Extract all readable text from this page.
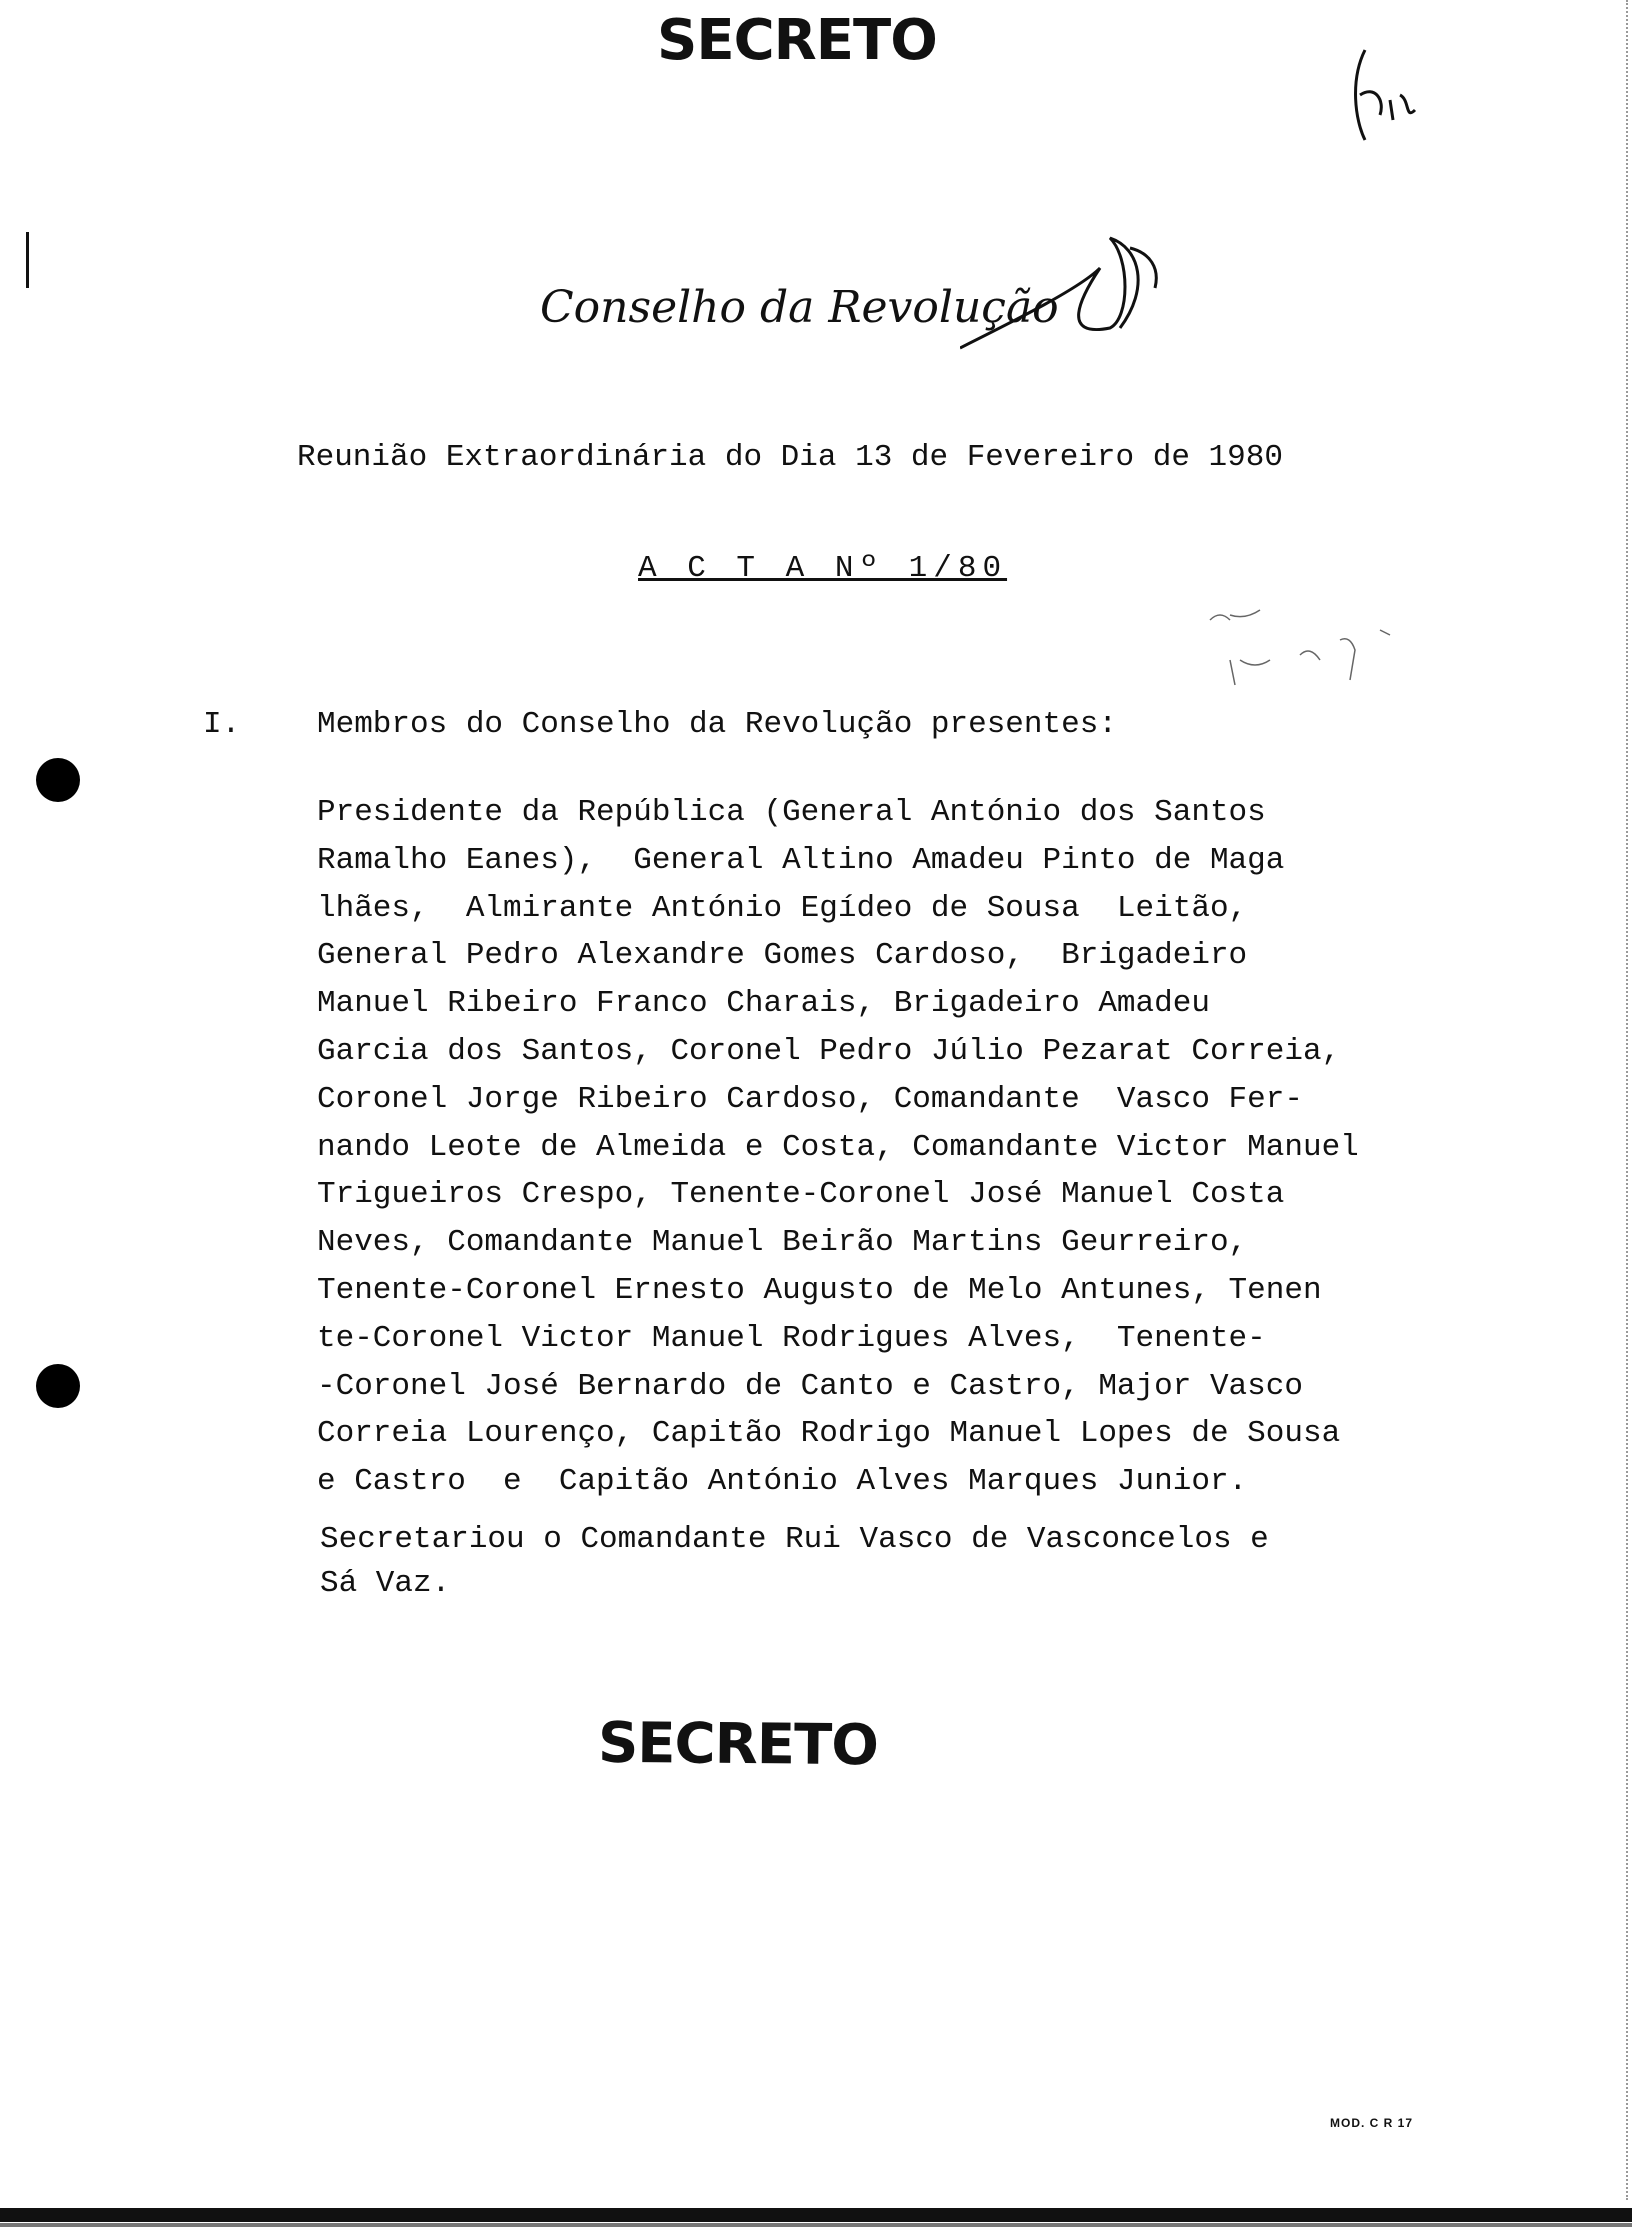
SECRETO
Conselho da Revolução
Reunião Extraordinária do Dia 13 de Fevereiro de 1980
A C T A Nº 1/80
I. Membros do Conselho da Revolução presentes:
Presidente da República (General António dos Santos
Ramalho Eanes),  General Altino Amadeu Pinto de Maga
lhães,  Almirante António Egídeo de Sousa  Leitão,
General Pedro Alexandre Gomes Cardoso,  Brigadeiro
Manuel Ribeiro Franco Charais, Brigadeiro Amadeu
Garcia dos Santos, Coronel Pedro Júlio Pezarat Correia,
Coronel Jorge Ribeiro Cardoso, Comandante  Vasco Fer-
nando Leote de Almeida e Costa, Comandante Victor Manuel
Trigueiros Crespo, Tenente-Coronel José Manuel Costa
Neves, Comandante Manuel Beirão Martins Geurreiro,
Tenente-Coronel Ernesto Augusto de Melo Antunes, Tenen
te-Coronel Victor Manuel Rodrigues Alves,  Tenente-
-Coronel José Bernardo de Canto e Castro, Major Vasco
Correia Lourenço, Capitão Rodrigo Manuel Lopes de Sousa
e Castro  e  Capitão António Alves Marques Junior.
Secretariou o Comandante Rui Vasco de Vasconcelos e
Sá Vaz.
SECRETO
MOD. C R 17
